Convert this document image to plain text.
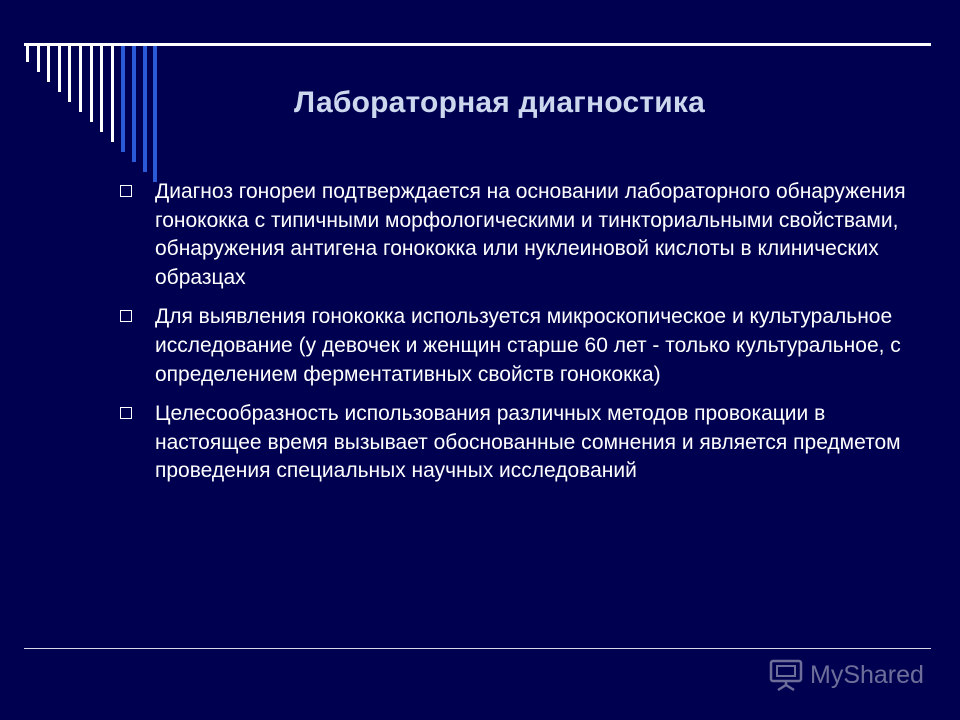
Лабораторная диагностика
Диагноз гонореи подтверждается на основании лабораторного обнаружения гонококка с типичными морфологическими и тинкториальными свойствами, обнаружения антигена гонококка или нуклеиновой кислоты в клинических образцах
Для выявления гонококка используется микроскопическое и культуральное исследование (у девочек и женщин старше 60 лет - только культуральное, с определением ферментативных свойств гонококка)
Целесообразность использования различных методов провокации в настоящее время вызывает обоснованные сомнения и является предметом проведения специальных научных исследований
MyShared
